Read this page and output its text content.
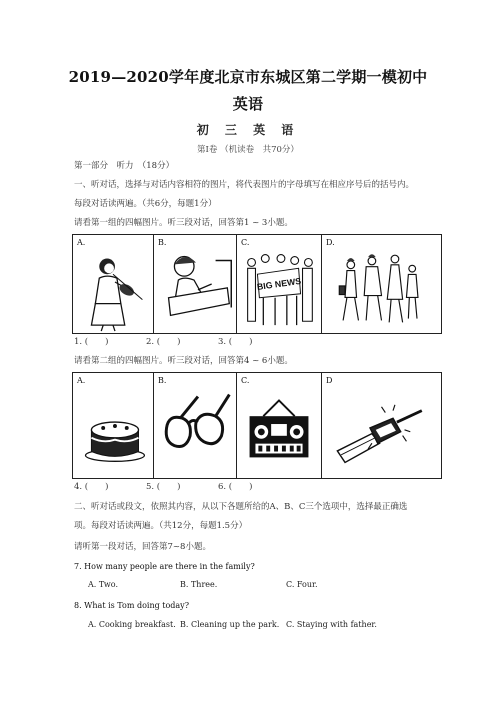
2019—2020学年度北京市东城区第二学期一模初中
英语
初 三 英 语
第Ⅰ卷 （机读卷　共70分）
第一部分　听力　（18分）
一、听对话，选择与对话内容相符的图片，将代表图片的字母填写在相应序号后的括号内。
每段对话读两遍。（共6分，每题1分）
请看第一组的四幅图片。听三段对话，回答第1 ~ 3小题。
A.	B.	C.
BIG NEWS

D.
1. (　　)	2. (　　)	3. (　　)
请看第二组的四幅图片。听三段对话，回答第4 ~ 6小题。
A.	B.	C.	D
4. (　　)	5. (　　)	6. (　　)
二、听对话或段文，依照其内容，从以下各题所给的A、B、C三个选项中，选择最正确选
项。每段对话读两遍。（共12分，每题1.5分）
请听第一段对话，回答第7~8小题。
7. How many people are there in the family?
A. Two.	B. Three.	C. Four.
8. What is Tom doing today?
A. Cooking breakfast. B. Cleaning up the park. C. Staying with father.
